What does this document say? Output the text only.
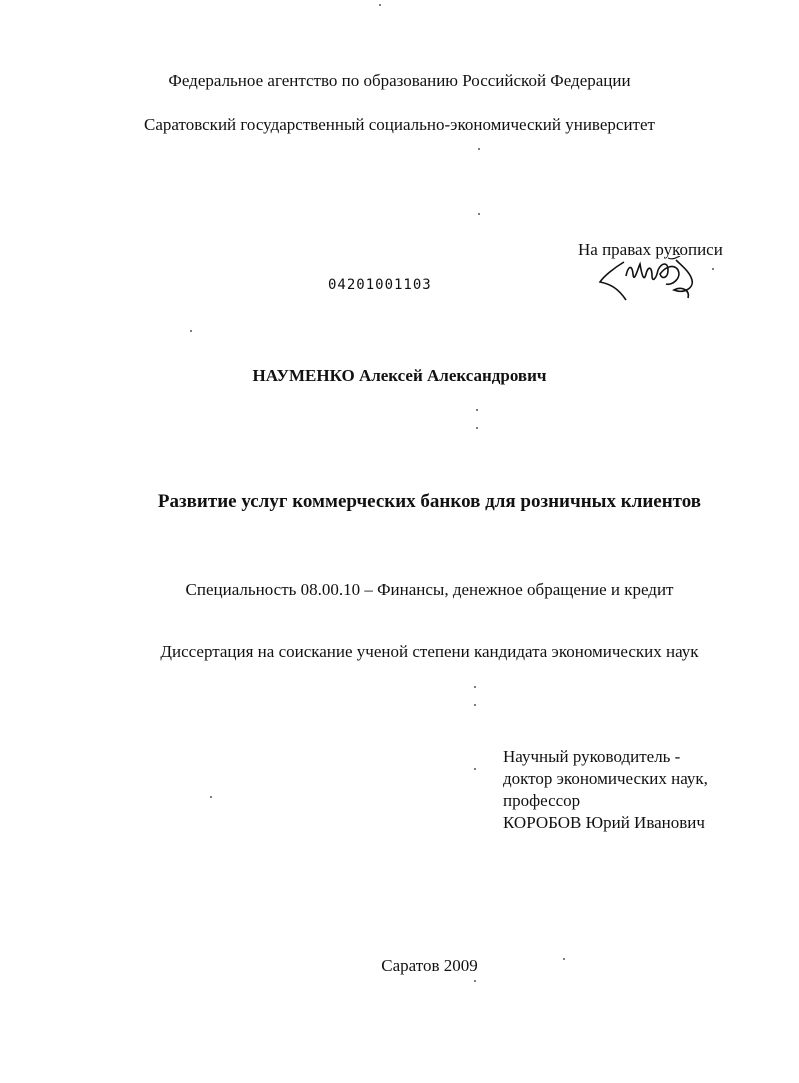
Федеральное агентство по образованию Российской Федерации
Саратовский государственный социально-экономический университет
На правах рукописи
04201001103
НАУМЕНКО Алексей Александрович
Развитие услуг коммерческих банков для розничных клиентов
Специальность 08.00.10 – Финансы, денежное обращение и кредит
Диссертация на соискание ученой степени кандидата экономических наук
Научный руководитель -
доктор экономических наук,
профессор
КОРОБОВ Юрий Иванович
Саратов 2009
